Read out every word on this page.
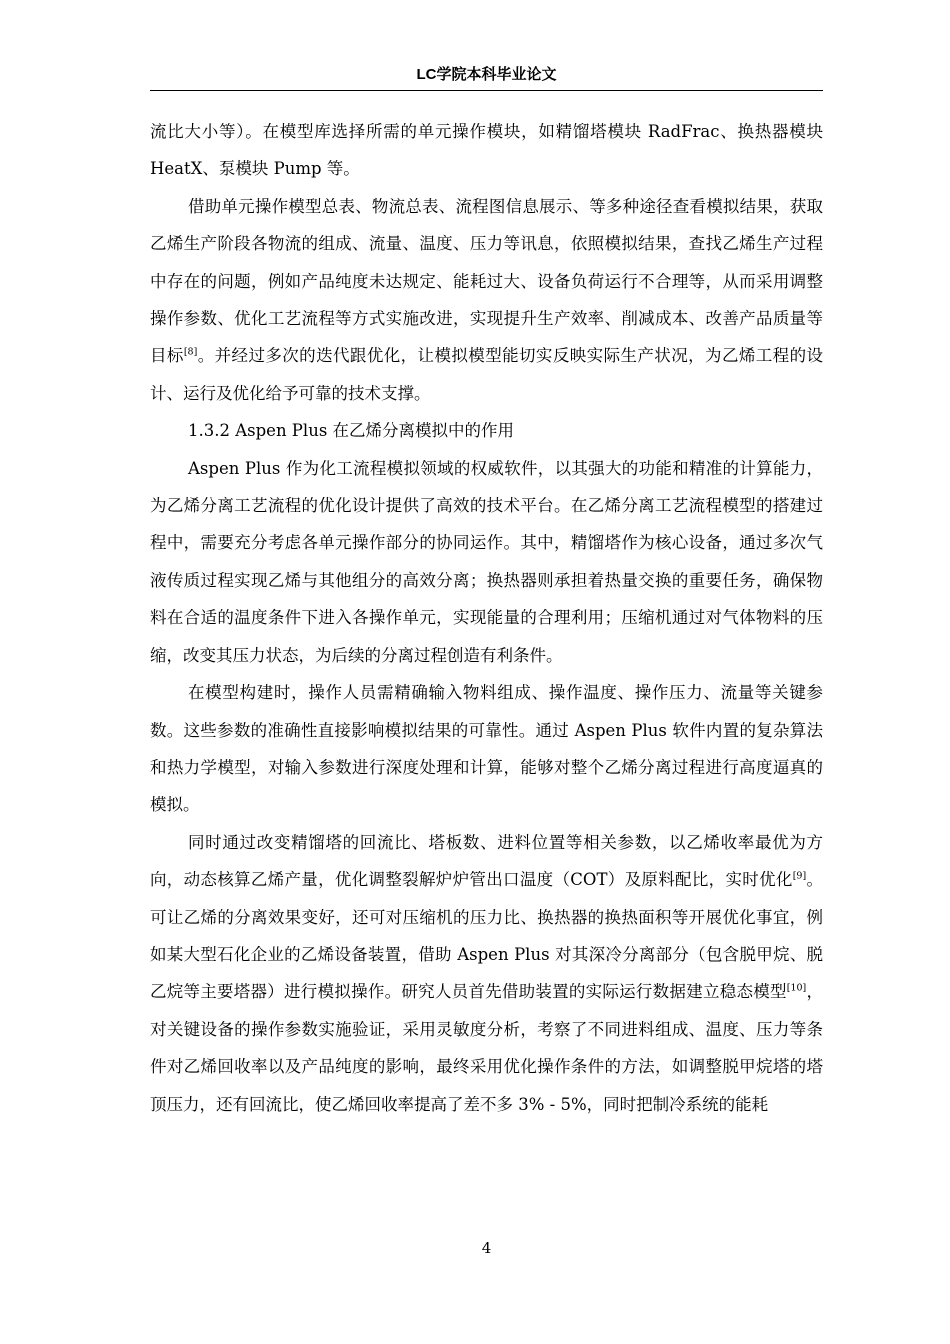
LC学院本科毕业论文

流比大小等）。在模型库选择所需的单元操作模块，如精馏塔模块 RadFrac、换热器模块 HeatX、泵模块 Pump 等。

借助单元操作模型总表、物流总表、流程图信息展示、等多种途径查看模拟结果，获取乙烯生产阶段各物流的组成、流量、温度、压力等讯息，依照模拟结果，查找乙烯生产过程中存在的问题，例如产品纯度未达规定、能耗过大、设备负荷运行不合理等，从而采用调整操作参数、优化工艺流程等方式实施改进，实现提升生产效率、削减成本、改善产品质量等目标[8]。并经过多次的迭代跟优化，让模拟模型能切实反映实际生产状况，为乙烯工程的设计、运行及优化给予可靠的技术支撑。

1.3.2 Aspen Plus 在乙烯分离模拟中的作用

Aspen Plus 作为化工流程模拟领域的权威软件，以其强大的功能和精准的计算能力，为乙烯分离工艺流程的优化设计提供了高效的技术平台。在乙烯分离工艺流程模型的搭建过程中，需要充分考虑各单元操作部分的协同运作。其中，精馏塔作为核心设备，通过多次气液传质过程实现乙烯与其他组分的高效分离；换热器则承担着热量交换的重要任务，确保物料在合适的温度条件下进入各操作单元，实现能量的合理利用；压缩机通过对气体物料的压缩，改变其压力状态，为后续的分离过程创造有利条件。

在模型构建时，操作人员需精确输入物料组成、操作温度、操作压力、流量等关键参数。这些参数的准确性直接影响模拟结果的可靠性。通过 Aspen Plus 软件内置的复杂算法和热力学模型，对输入参数进行深度处理和计算，能够对整个乙烯分离过程进行高度逼真的模拟。

同时通过改变精馏塔的回流比、塔板数、进料位置等相关参数，以乙烯收率最优为方向，动态核算乙烯产量，优化调整裂解炉炉管出口温度（COT）及原料配比，实时优化[9]。可让乙烯的分离效果变好，还可对压缩机的压力比、换热器的换热面积等开展优化事宜，例如某大型石化企业的乙烯设备装置，借助 Aspen Plus 对其深冷分离部分（包含脱甲烷、脱乙烷等主要塔器）进行模拟操作。研究人员首先借助装置的实际运行数据建立稳态模型[10]，对关键设备的操作参数实施验证，采用灵敏度分析，考察了不同进料组成、温度、压力等条件对乙烯回收率以及产品纯度的影响，最终采用优化操作条件的方法，如调整脱甲烷塔的塔顶压力，还有回流比，使乙烯回收率提高了差不多 3% - 5%，同时把制冷系统的能耗

4
